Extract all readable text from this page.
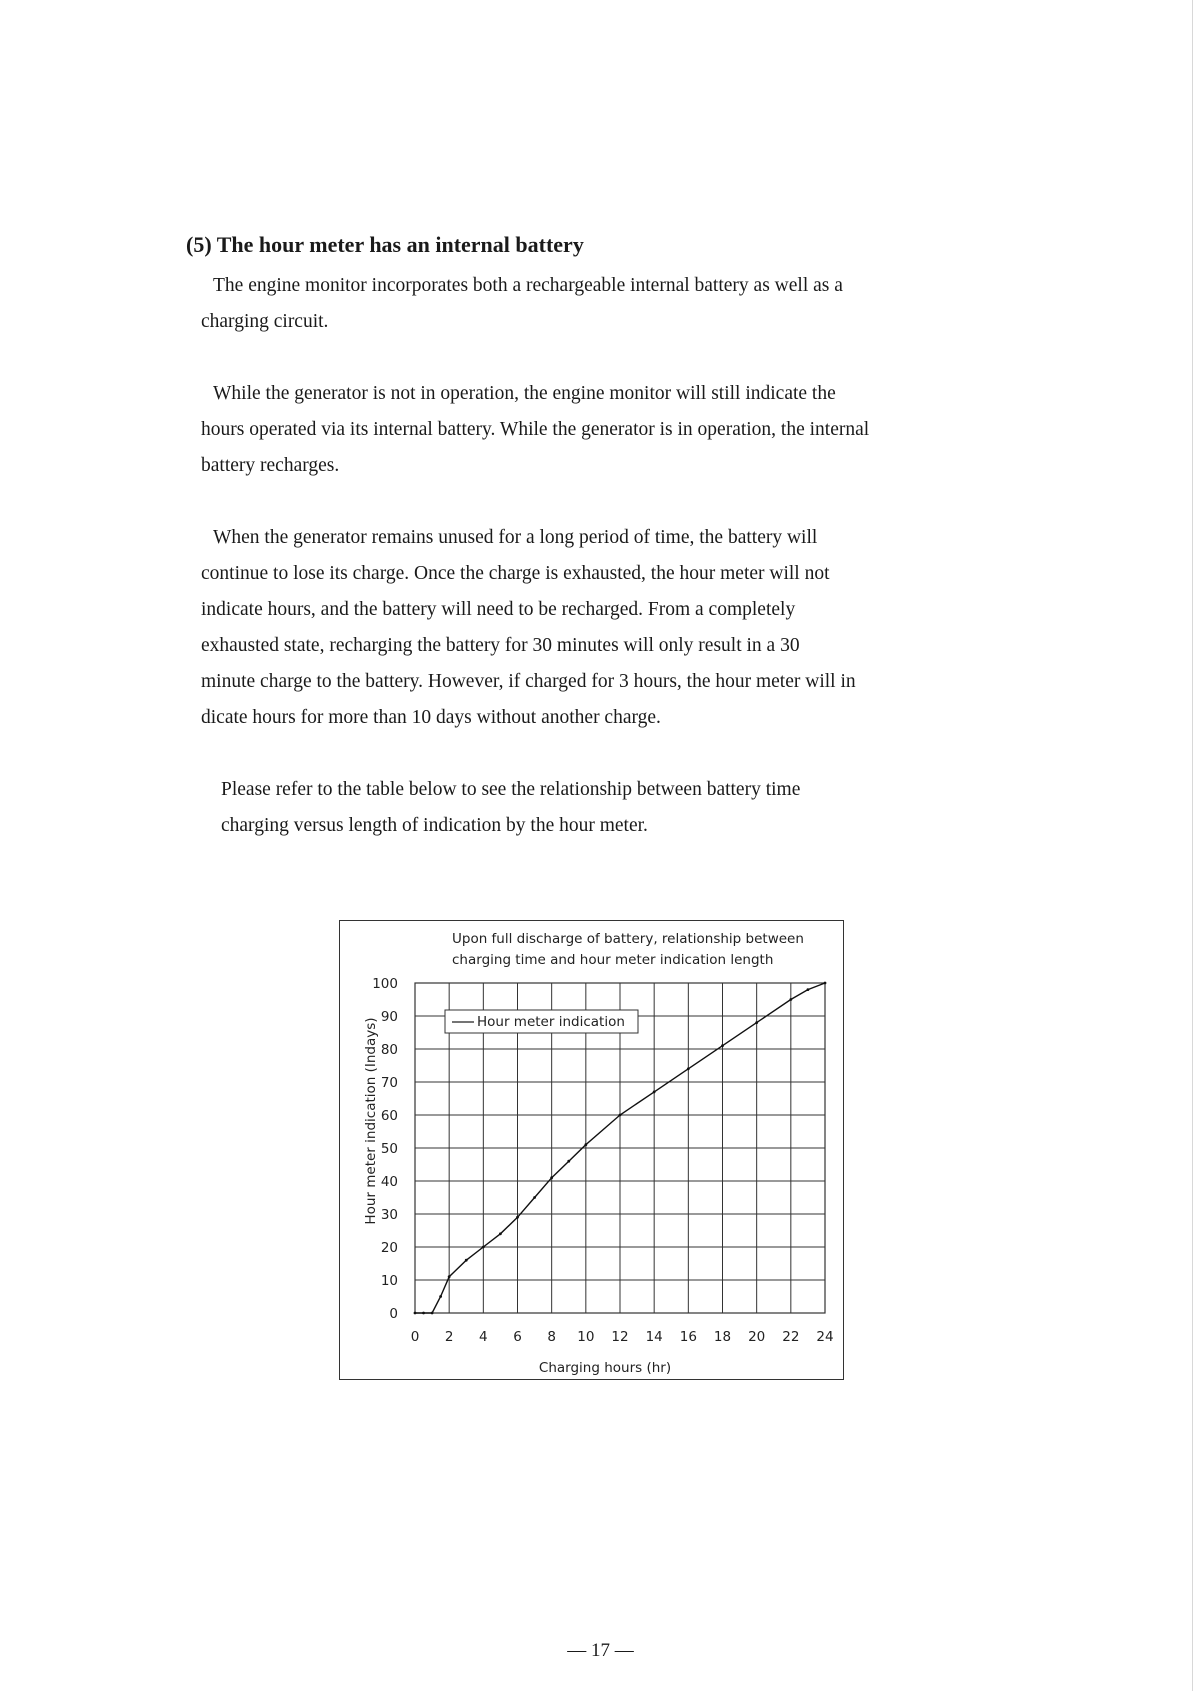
(5) The hour meter has an internal battery

The engine monitor incorporates both a rechargeable internal battery as well as a
charging circuit.

While the generator is not in operation, the engine monitor will still indicate the
hours operated via its internal battery. While the generator is in operation, the internal
battery recharges.

When the generator remains unused for a long period of time, the battery will
continue to lose its charge. Once the charge is exhausted, the hour meter will not
indicate hours, and the battery will need to be recharged. From a completely
exhausted state, recharging the battery for 30 minutes will only result in a 30
minute charge to the battery. However, if charged for 3 hours, the hour meter will in
dicate hours for more than 10 days without another charge.

Please refer to the table below to see the relationship between battery time
charging versus length of indication by the hour meter.

Upon full discharge of battery, relationship between
charging time and hour meter indication length
0 2 4 6 8 10 12 14 16 18 20 22 24
0
10
20
30
40
50
60
70
80
90
100
Hour meter indication
Charging hours (hr)
Hour meter indication (Indays)
— 17 —
